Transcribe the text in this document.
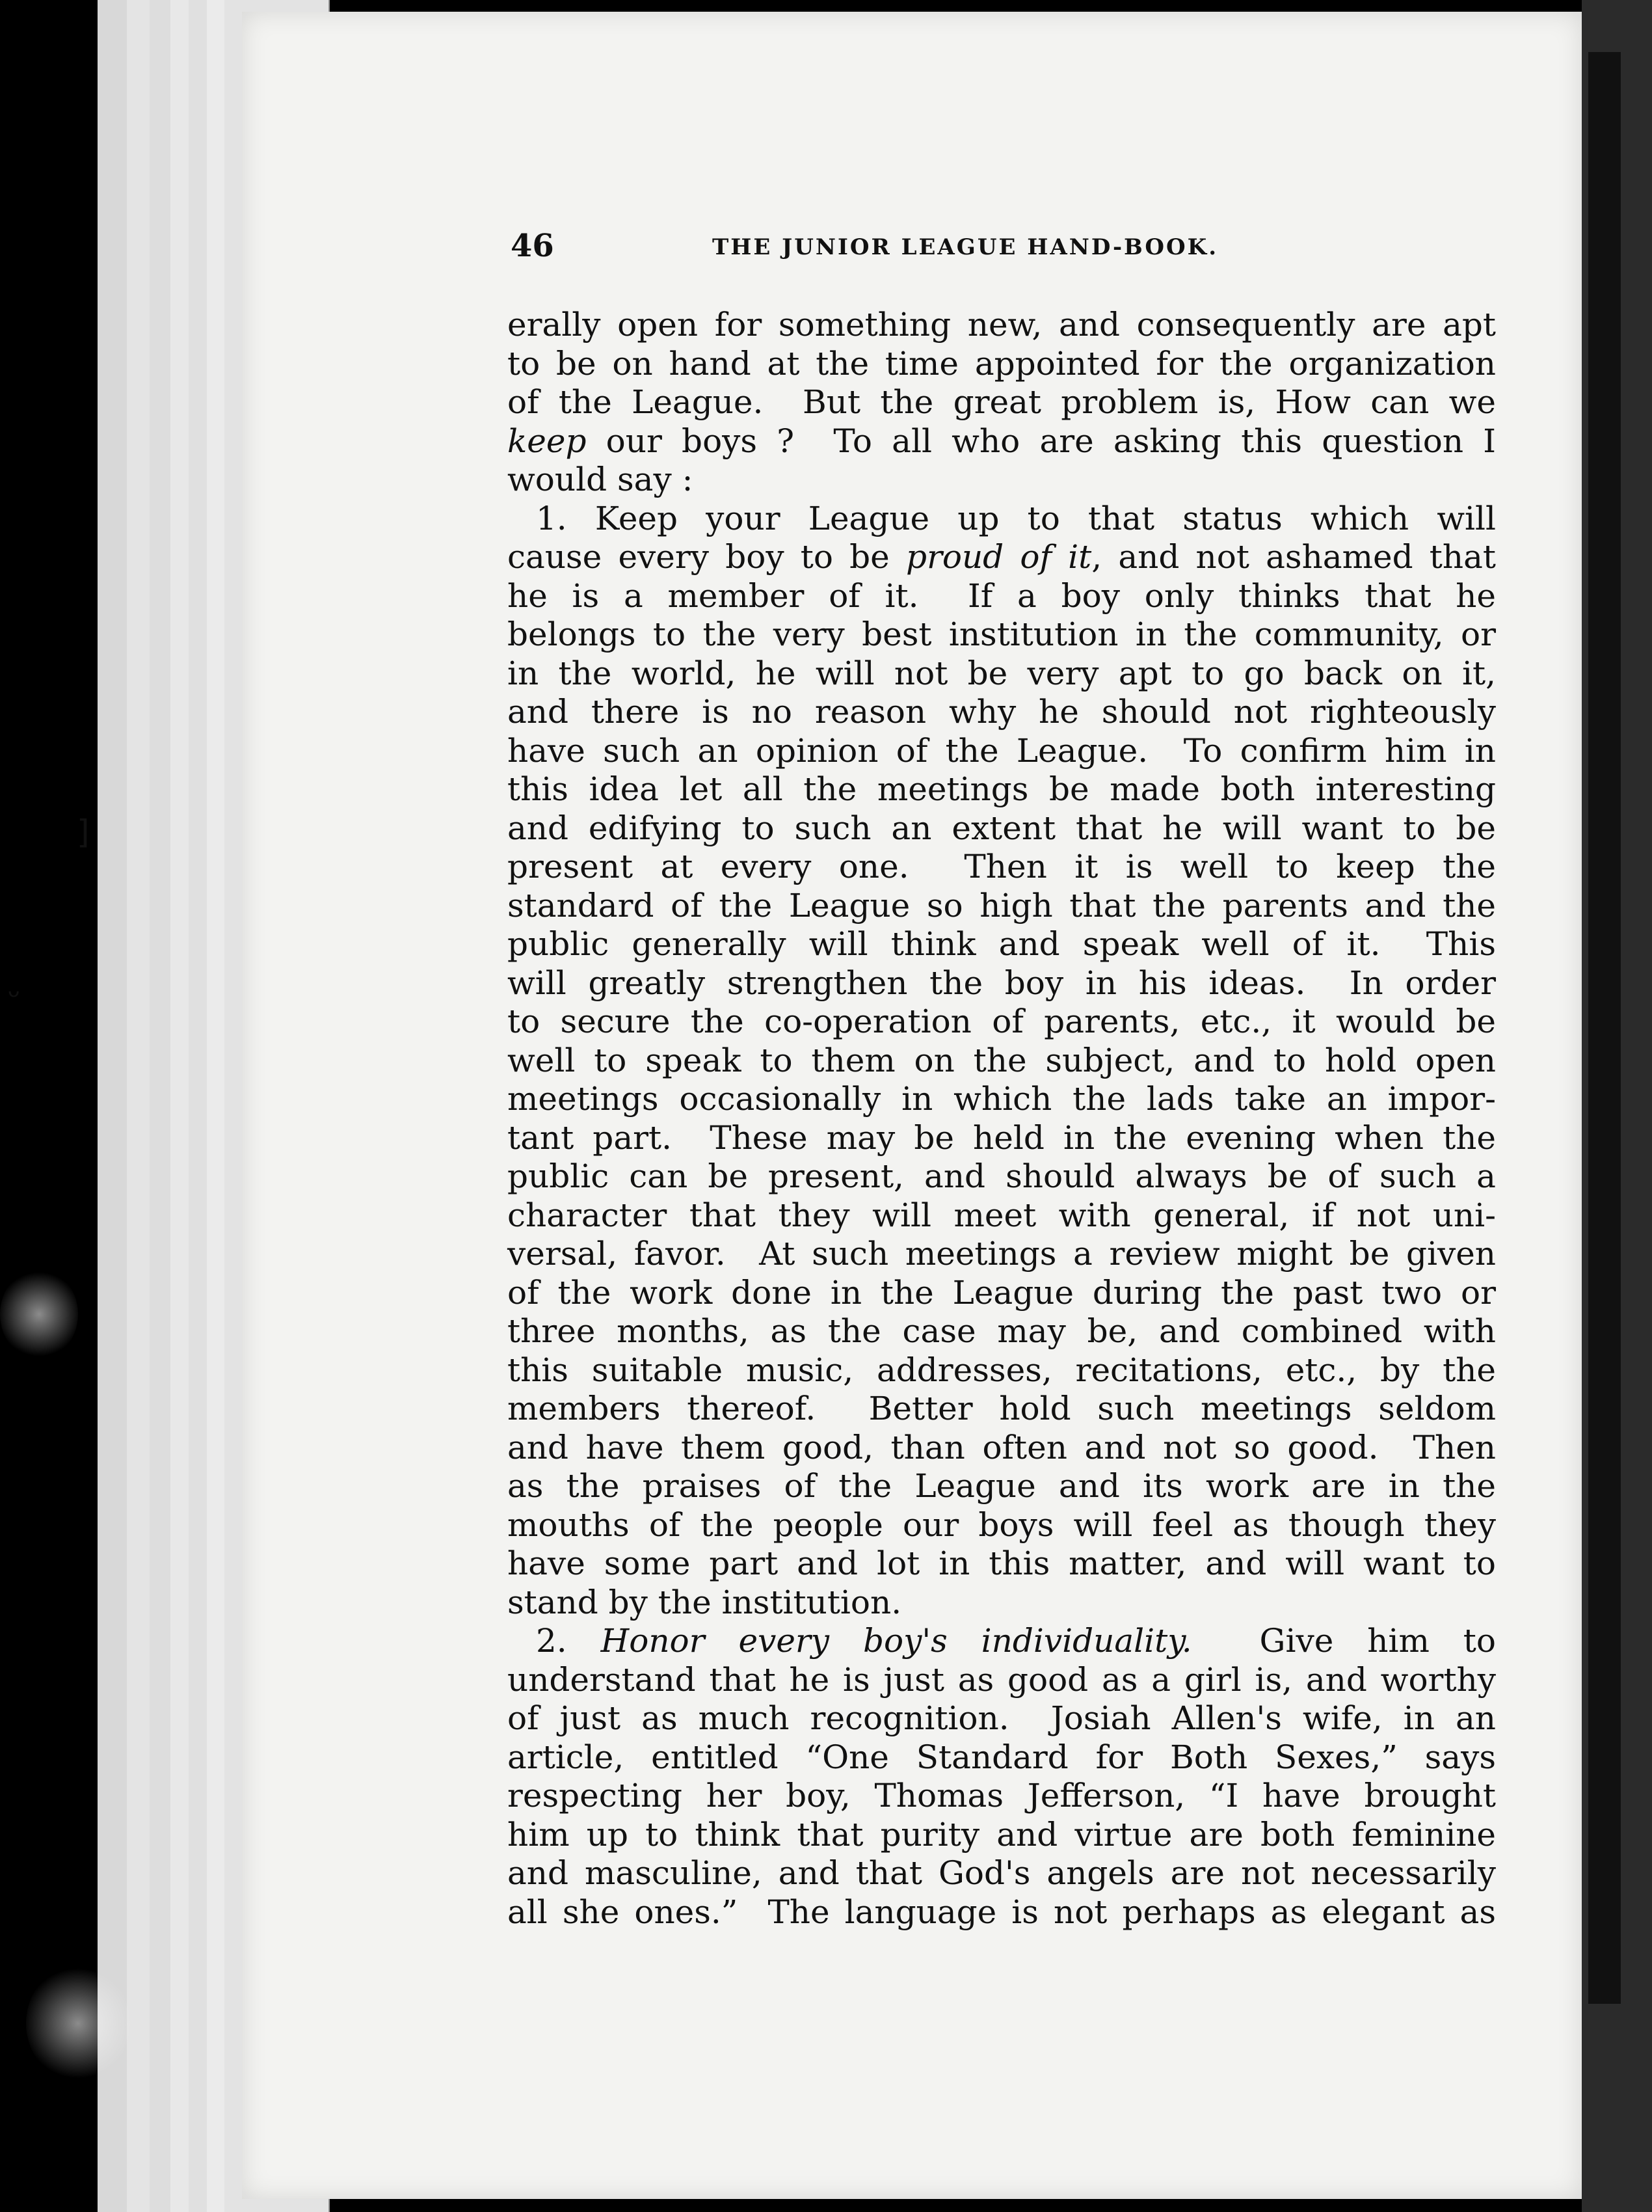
]
ᴗ
46	THE JUNIOR LEAGUE HAND-BOOK.
erally open for something new, and consequently are apt
to be on hand at the time appointed for the organization
of the League.  But the great problem is, How can we
keep our boys ?  To all who are asking this question I
would say :
1. Keep your League up to that status which will
cause every boy to be proud of it, and not ashamed that
he is a member of it.  If a boy only thinks that he
belongs to the very best institution in the community, or
in the world, he will not be very apt to go back on it,
and there is no reason why he should not righteously
have such an opinion of the League.  To confirm him in
this idea let all the meetings be made both interesting
and edifying to such an extent that he will want to be
present at every one.  Then it is well to keep the
standard of the League so high that the parents and the
public generally will think and speak well of it.  This
will greatly strengthen the boy in his ideas.  In order
to secure the co-operation of parents, etc., it would be
well to speak to them on the subject, and to hold open
meetings occasionally in which the lads take an impor-
tant part.  These may be held in the evening when the
public can be present, and should always be of such a
character that they will meet with general, if not uni-
versal, favor.  At such meetings a review might be given
of the work done in the League during the past two or
three months, as the case may be, and combined with
this suitable music, addresses, recitations, etc., by the
members thereof.  Better hold such meetings seldom
and have them good, than often and not so good.  Then
as the praises of the League and its work are in the
mouths of the people our boys will feel as though they
have some part and lot in this matter, and will want to
stand by the institution.
2. Honor every boy's individuality.  Give him to
understand that he is just as good as a girl is, and worthy
of just as much recognition.  Josiah Allen's wife, in an
article, entitled “One Standard for Both Sexes,” says
respecting her boy, Thomas Jefferson, “I have brought
him up to think that purity and virtue are both feminine
and masculine, and that God's angels are not necessarily
all she ones.”  The language is not perhaps as elegant as
